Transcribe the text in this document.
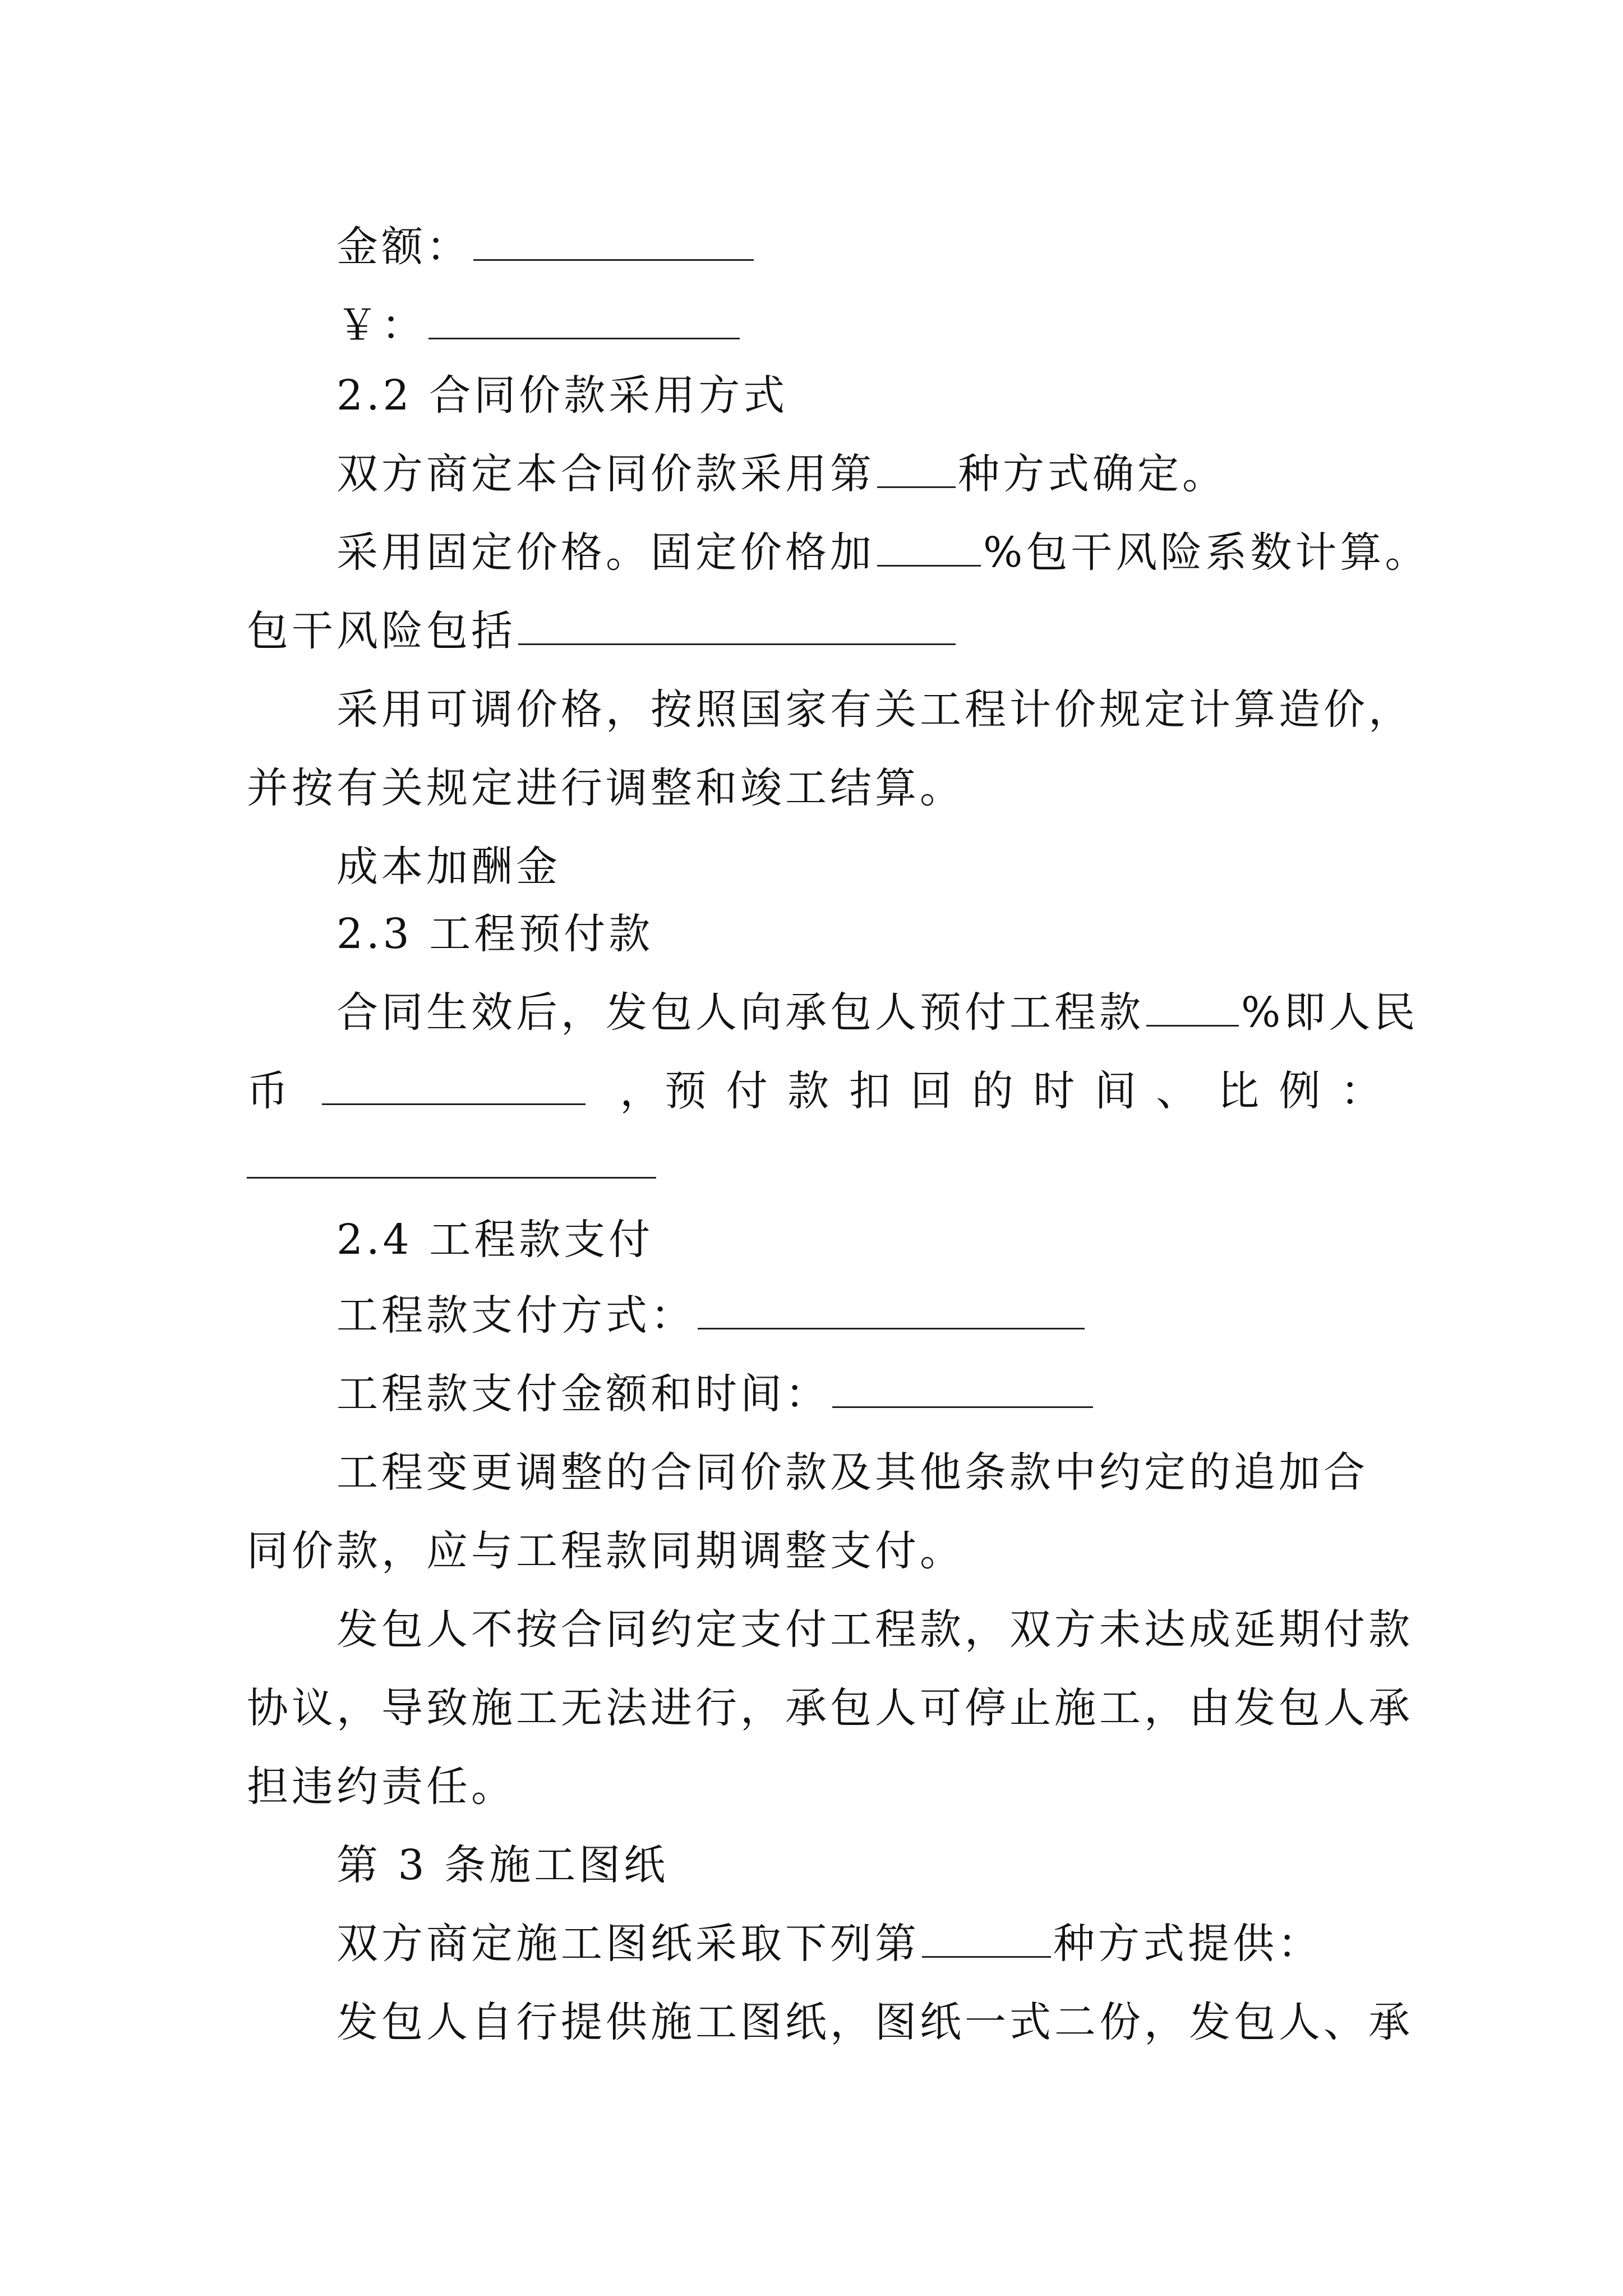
金额：
￥：
2.2 合同价款采用方式
双方商定本合同价款采用第 种方式确定。
采用固定价格。固定价格加	%包干风险系数计算。
包干风险包括
采用可调价格，按照国家有关工程计价规定计算造价，
并按有关规定进行调整和竣工结算。
成本加酬金
2.3 工程预付款
合同生效后，发包人向承包人预付工程款 %即人民
币	，预 付 款 扣 回 的 时 间 、 比 例 ：
2.4 工程款支付
工程款支付方式：
工程款支付金额和时间：
工程变更调整的合同价款及其他条款中约定的追加合
同价款，应与工程款同期调整支付。
发包人不按合同约定支付工程款，双方未达成延期付款
协议，导致施工无法进行，承包人可停止施工，由发包人承
担违约责任。
第 3 条施工图纸
双方商定施工图纸采取下列第	种方式提供：
发包人自行提供施工图纸，图纸一式二份，发包人、承
